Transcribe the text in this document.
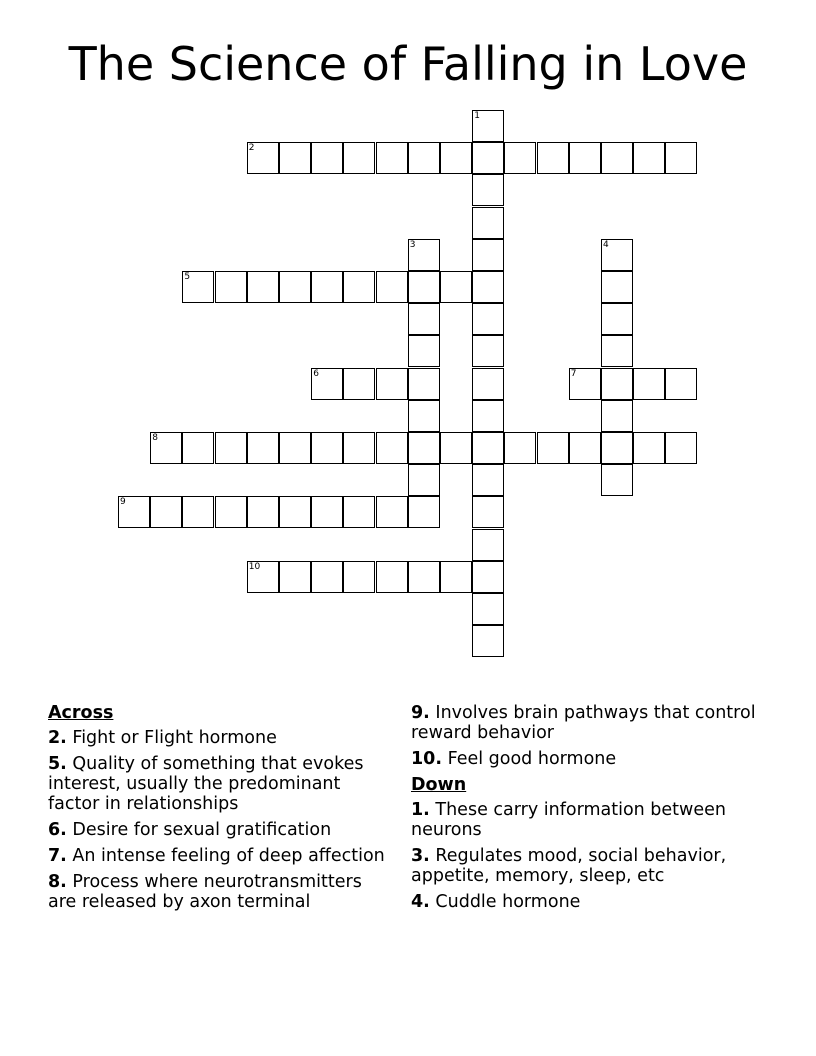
The Science of Falling in Love
1
2
3	4
5
6	7
8
9
10
Across
2. Fight or Flight hormone
5. Quality of something that evokes interest, usually the predominant factor in relationships
6. Desire for sexual gratification
7. An intense feeling of deep affection
8. Process where neurotransmitters are released by axon terminal
9. Involves brain pathways that control reward behavior
10. Feel good hormone
Down
1. These carry information between neurons
3. Regulates mood, social behavior, appetite, memory, sleep, etc
4. Cuddle hormone
